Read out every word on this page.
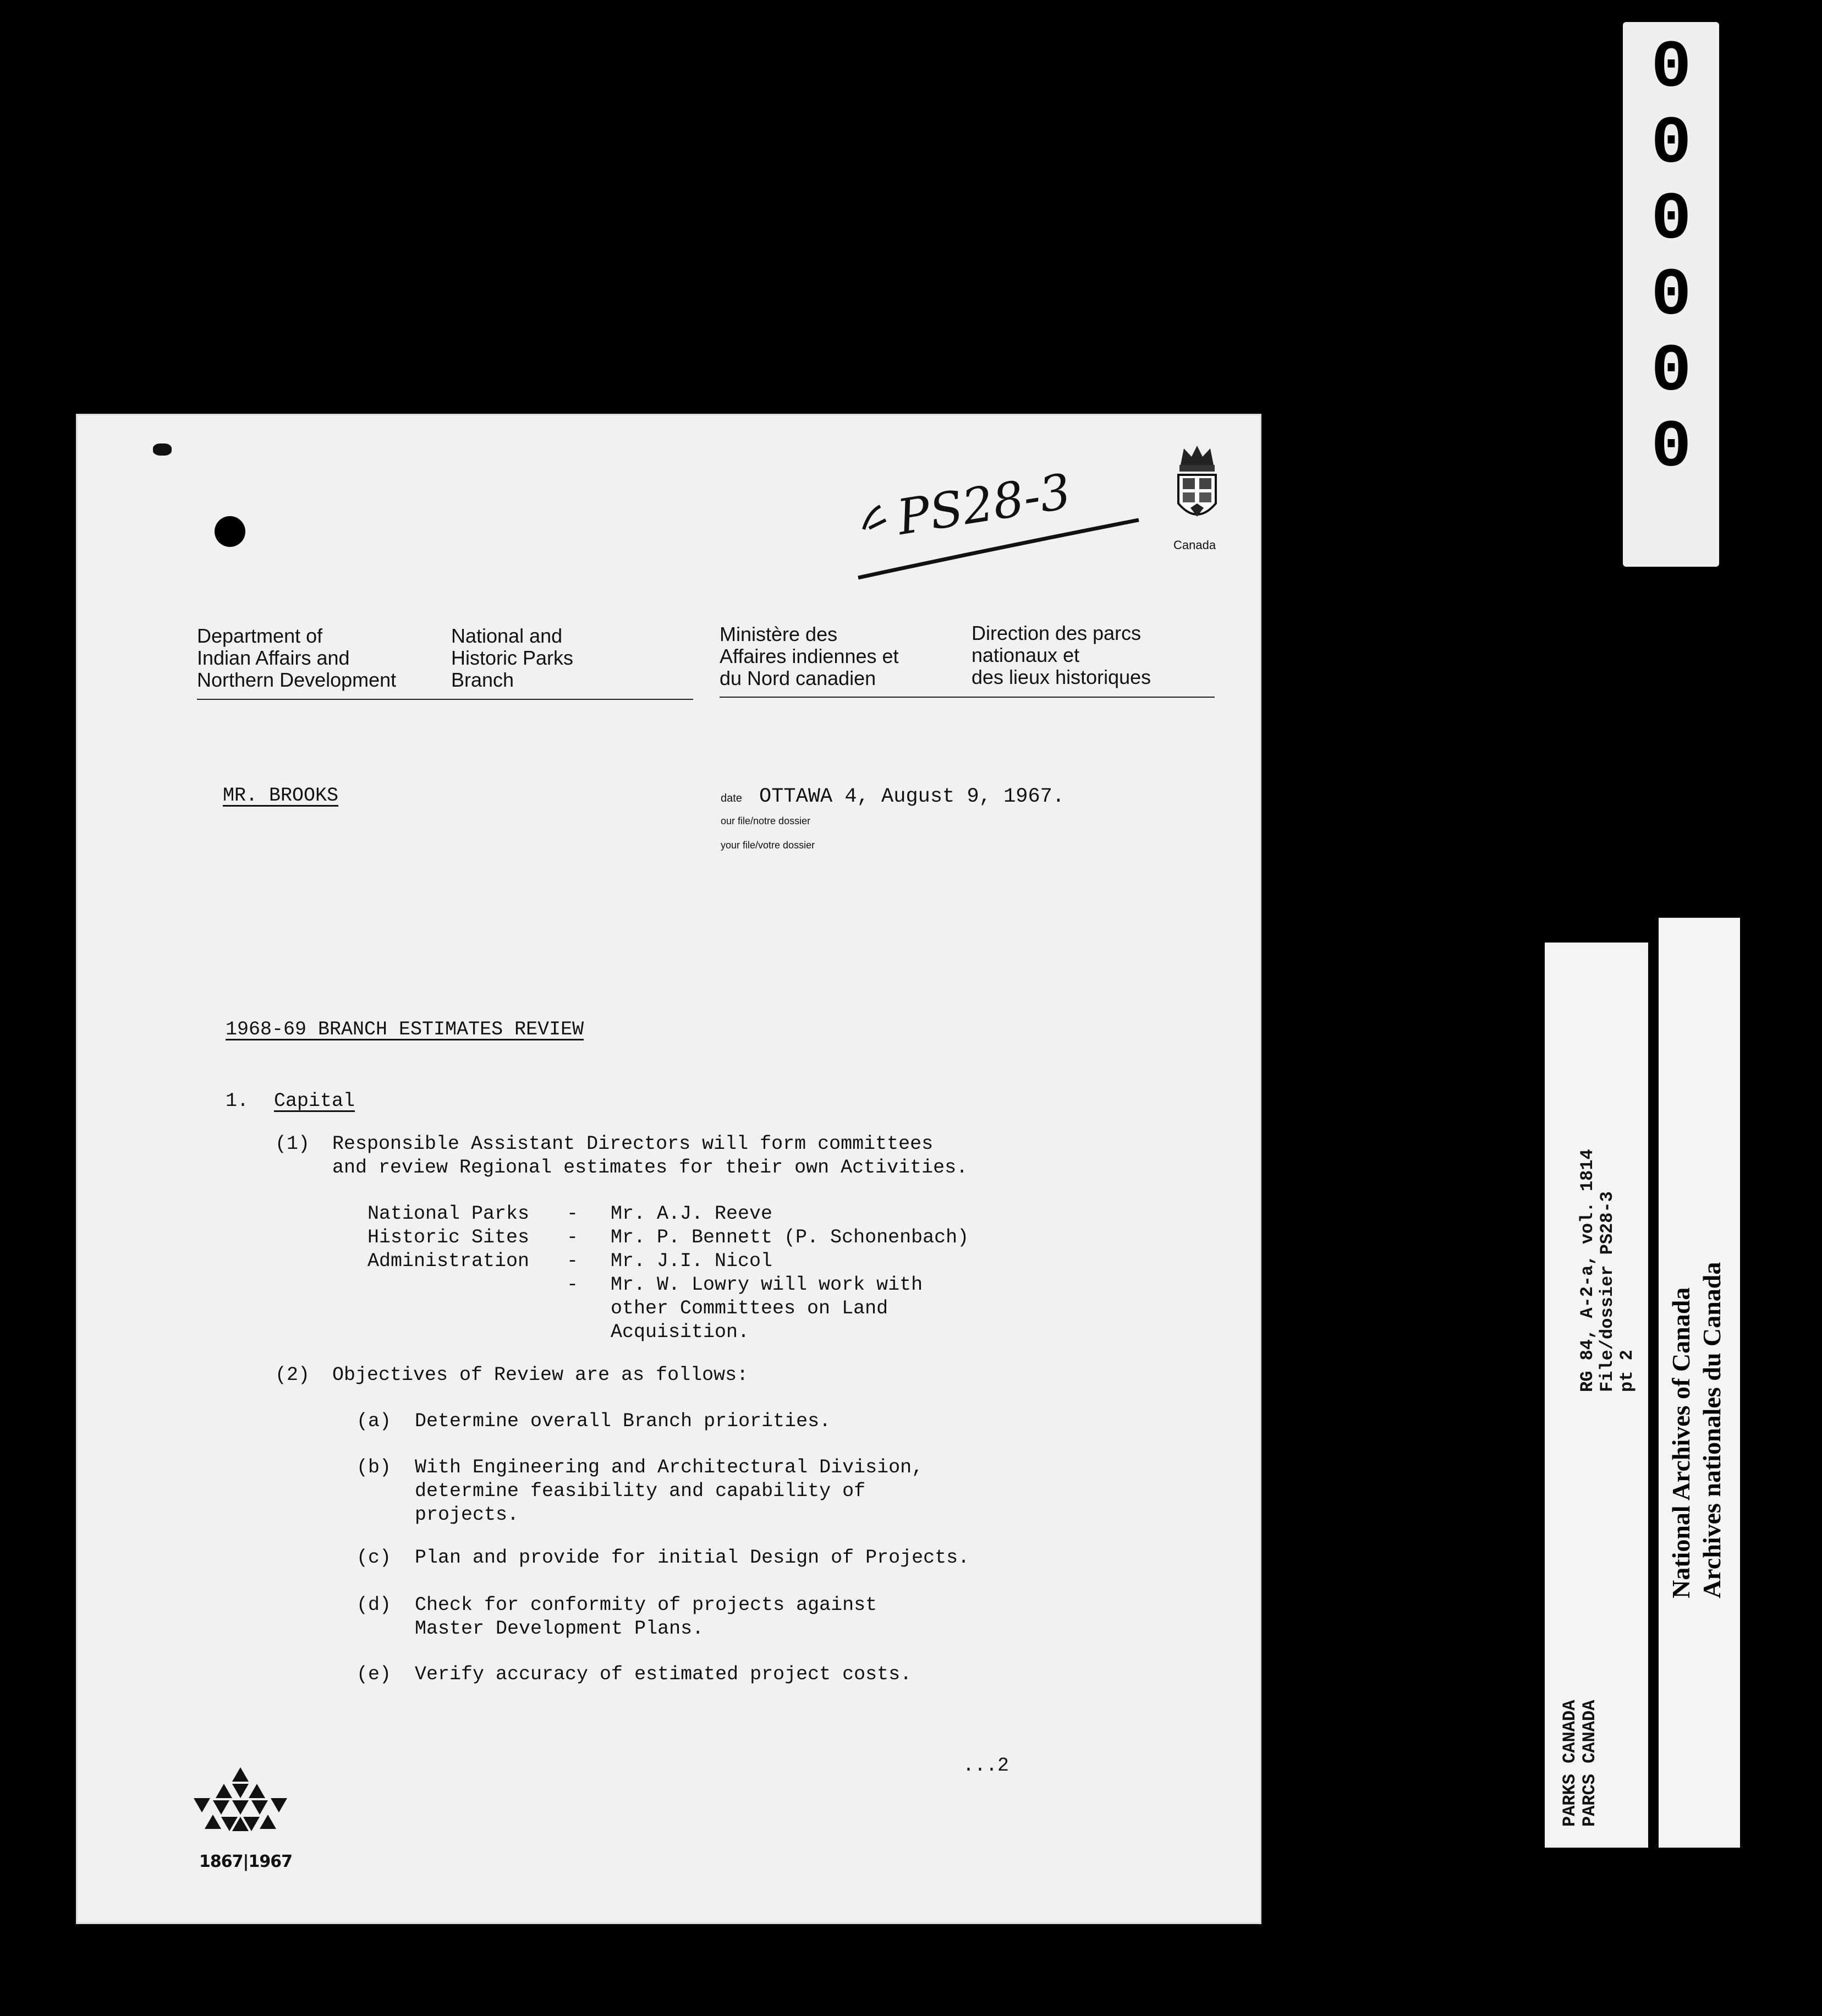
PS28-3	Canada
Department of
Indian Affairs and
Northern Development
National and
Historic Parks
Branch
Ministère des
Affaires indiennes et
du Nord canadien
Direction des parcs
nationaux et
des lieux historiques
MR. BROOKS	date OTTAWA 4, August 9, 1967.
our file/notre dossier
your file/votre dossier
1968-69 BRANCH ESTIMATES REVIEW
1. Capital
(1) Responsible Assistant Directors will form committees
and review Regional estimates for their own Activities.
National Parks - Mr. A.J. Reeve
Historic Sites - Mr. P. Bennett (P. Schonenbach)
Administration - Mr. J.I. Nicol
- Mr. W. Lowry will work with
other Committees on Land
Acquisition.
(2) Objectives of Review are as follows:
(a) Determine overall Branch priorities.
(b) With Engineering and Architectural Division,
determine feasibility and capability of
projects.
(c) Plan and provide for initial Design of Projects.
(d) Check for conformity of projects against
Master Development Plans.
(e) Verify accuracy of estimated project costs.
...2
1867|1967
0
0
0
0
0
0
RG 84, A-2-a, vol. 1814
File/dossier PS28-3
pt 2
PARKS CANADA
PARCS CANADA
National Archives of Canada
Archives nationales du Canada
